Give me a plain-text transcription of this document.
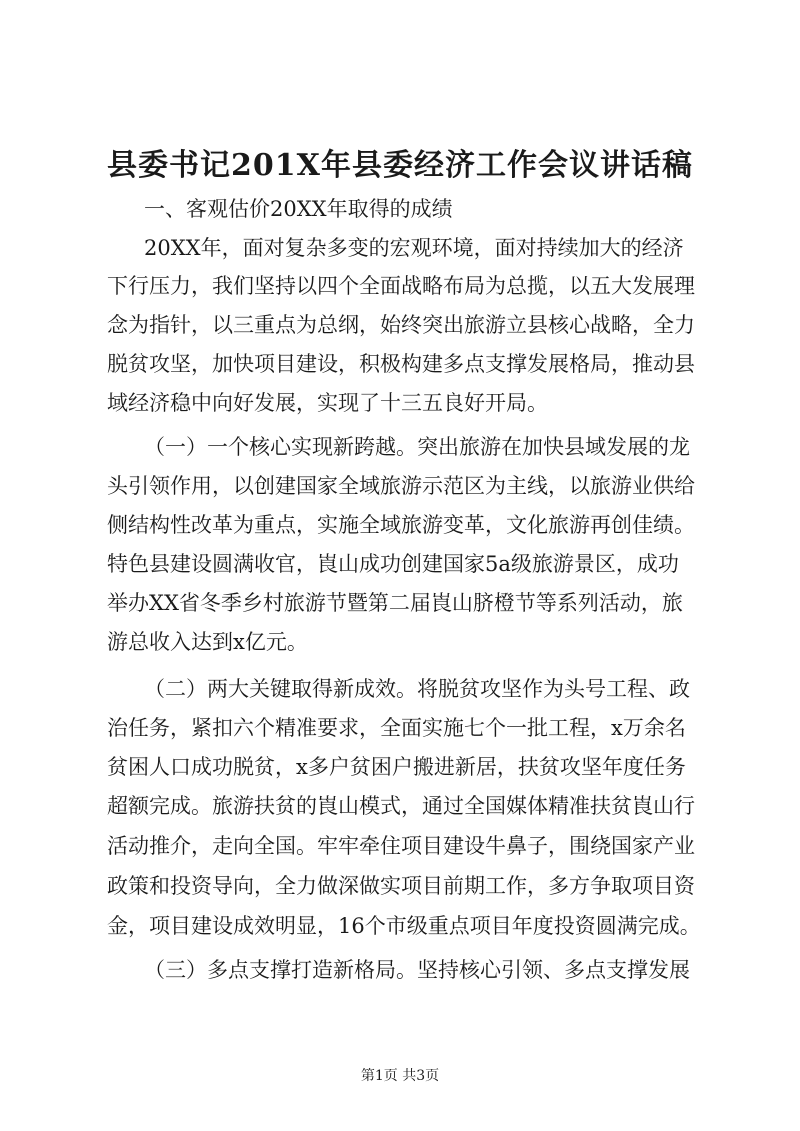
县委书记201X年县委经济工作会议讲话稿

一、客观估价20XX年取得的成绩

20XX年，面对复杂多变的宏观环境，面对持续加大的经济

下行压力，我们坚持以四个全面战略布局为总揽，以五大发展理

念为指针，以三重点为总纲，始终突出旅游立县核心战略，全力

脱贫攻坚，加快项目建设，积极构建多点支撑发展格局，推动县

域经济稳中向好发展，实现了十三五良好开局。

（一）一个核心实现新跨越。突出旅游在加快县域发展的龙

头引领作用，以创建国家全域旅游示范区为主线，以旅游业供给

侧结构性改革为重点，实施全域旅游变革，文化旅游再创佳绩。

特色县建设圆满收官，崀山成功创建国家5a级旅游景区，成功

举办XX省冬季乡村旅游节暨第二届崀山脐橙节等系列活动，旅

游总收入达到x亿元。

（二）两大关键取得新成效。将脱贫攻坚作为头号工程、政

治任务，紧扣六个精准要求，全面实施七个一批工程，x万余名

贫困人口成功脱贫，x多户贫困户搬进新居，扶贫攻坚年度任务

超额完成。旅游扶贫的崀山模式，通过全国媒体精准扶贫崀山行

活动推介，走向全国。牢牢牵住项目建设牛鼻子，围绕国家产业

政策和投资导向，全力做深做实项目前期工作，多方争取项目资

金，项目建设成效明显，16个市级重点项目年度投资圆满完成。

（三）多点支撑打造新格局。坚持核心引领、多点支撑发展

第1页 共3页
